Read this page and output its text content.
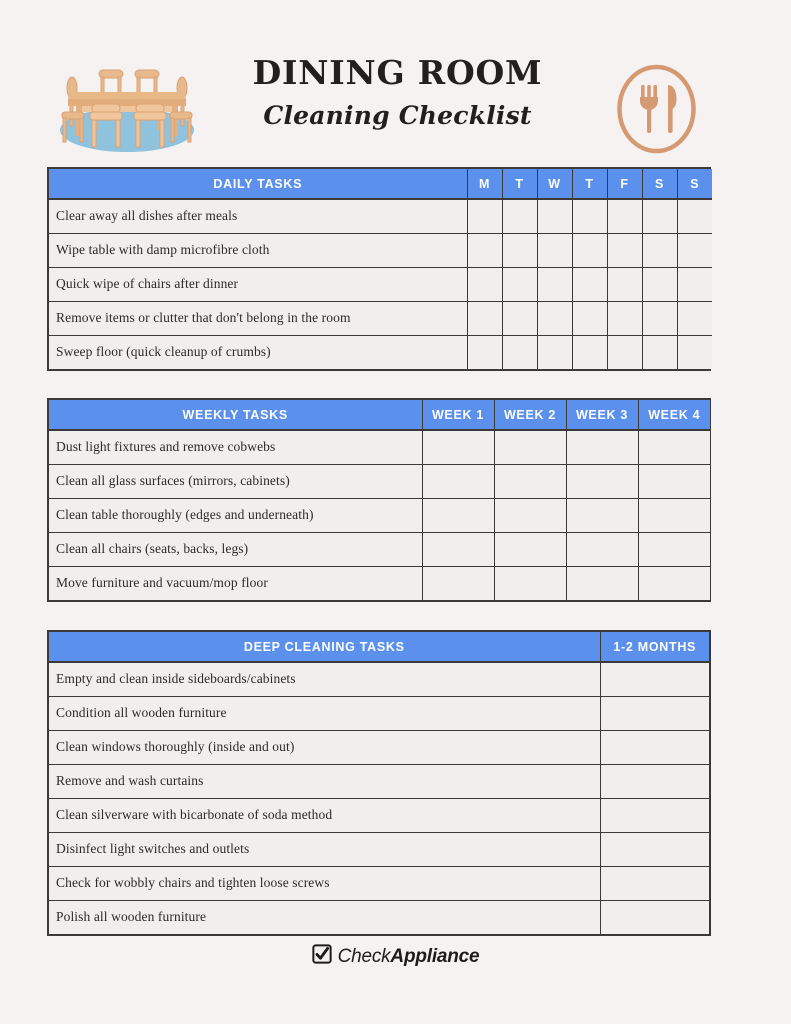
DINING ROOM
Cleaning Checklist
DAILY TASKS	M	T	W	T	F	S	S
Clear away all dishes after meals							
Wipe table with damp microfibre cloth							
Quick wipe of chairs after dinner							
Remove items or clutter that don't belong in the room							
Sweep floor (quick cleanup of crumbs)							
WEEKLY TASKS	WEEK 1	WEEK 2	WEEK 3	WEEK 4
Dust light fixtures and remove cobwebs				
Clean all glass surfaces (mirrors, cabinets)				
Clean table thoroughly (edges and underneath)				
Clean all chairs (seats, backs, legs)				
Move furniture and vacuum/mop floor				
DEEP CLEANING TASKS	1-2 MONTHS
Empty and clean inside sideboards/cabinets	
Condition all wooden furniture	
Clean windows thoroughly (inside and out)	
Remove and wash curtains	
Clean silverware with bicarbonate of soda method	
Disinfect light switches and outlets	
Check for wobbly chairs and tighten loose screws	
Polish all wooden furniture	
CheckAppliance
